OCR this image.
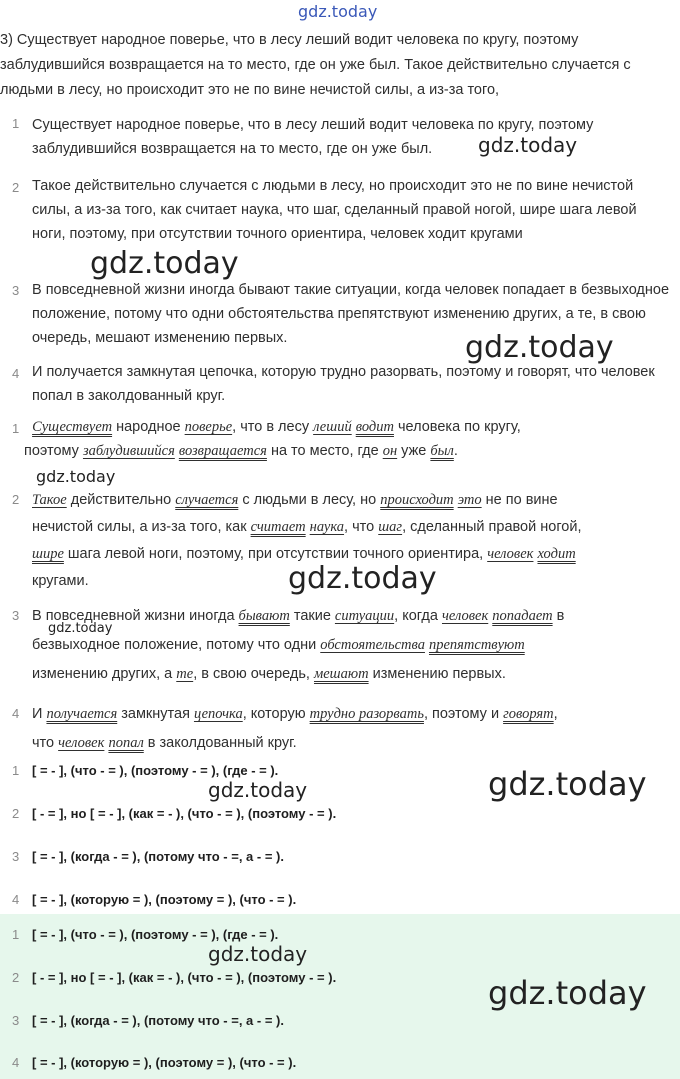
gdz.today
3) Существует народное поверье, что в лесу леший водит человека по кругу, поэтому заблудившийся возвращается на то место, где он уже был. Такое действительно случается с людьми в лесу, но происходит это не по вине нечистой силы, а из-за того,
1 Существует народное поверье, что в лесу леший водит человека по кругу, поэтому заблудившийся возвращается на то место, где он уже был.	gdz.today
2 Такое действительно случается с людьми в лесу, но происходит это не по вине нечистой силы, а из-за того, как считает наука, что шаг, сделанный правой ногой, шире шага левой ноги, поэтому, при отсутствии точного ориентира, человек ходит кругами
gdz.today
3 В повседневной жизни иногда бывают такие ситуации, когда человек попадает в безвыходное положение, потому что одни обстоятельства препятствуют изменению других, а те, в свою очередь, мешают изменению первых.	gdz.today
4 И получается замкнутая цепочка, которую трудно разорвать, поэтому и говорят, что человек попал в заколдованный круг.
1 Существует народное поверье, что в лесу леший водит человека по кругу,
поэтому заблудившийся возвращается на то место, где он уже был.
gdz.today
2 Такое действительно случается с людьми в лесу, но происходит это не по вине
нечистой силы, а из-за того, как считает наука, что шаг, сделанный правой ногой,
шире шага левой ноги, поэтому, при отсутствии точного ориентира, человек ходит
кругами.	gdz.today
3 В повседневной жизни иногда бывают такие ситуации, когда человек попадает в
безвыходное положение, потому что одни обстоятельства препятствуют
изменению других, а те, в свою очередь, мешают изменению первых.
gdz.today
4 И получается замкнутая цепочка, которую трудно разорвать, поэтому и говорят,
что человек попал в заколдованный круг.
1 [ = - ], (что - = ), (поэтому - = ), (где - = ).
gdz.today	gdz.today
2 [ - = ], но [ = - ], (как = - ), (что - = ), (поэтому - = ).
3 [ = - ], (когда - = ), (потому что - =, а - = ).
4 [ = - ], (которую = ), (поэтому = ), (что - = ).
1 [ = - ], (что - = ), (поэтому - = ), (где - = ).
gdz.today
2 [ - = ], но [ = - ], (как = - ), (что - = ), (поэтому - = ).	gdz.today
3 [ = - ], (когда - = ), (потому что - =, а - = ).
4 [ = - ], (которую = ), (поэтому = ), (что - = ).
